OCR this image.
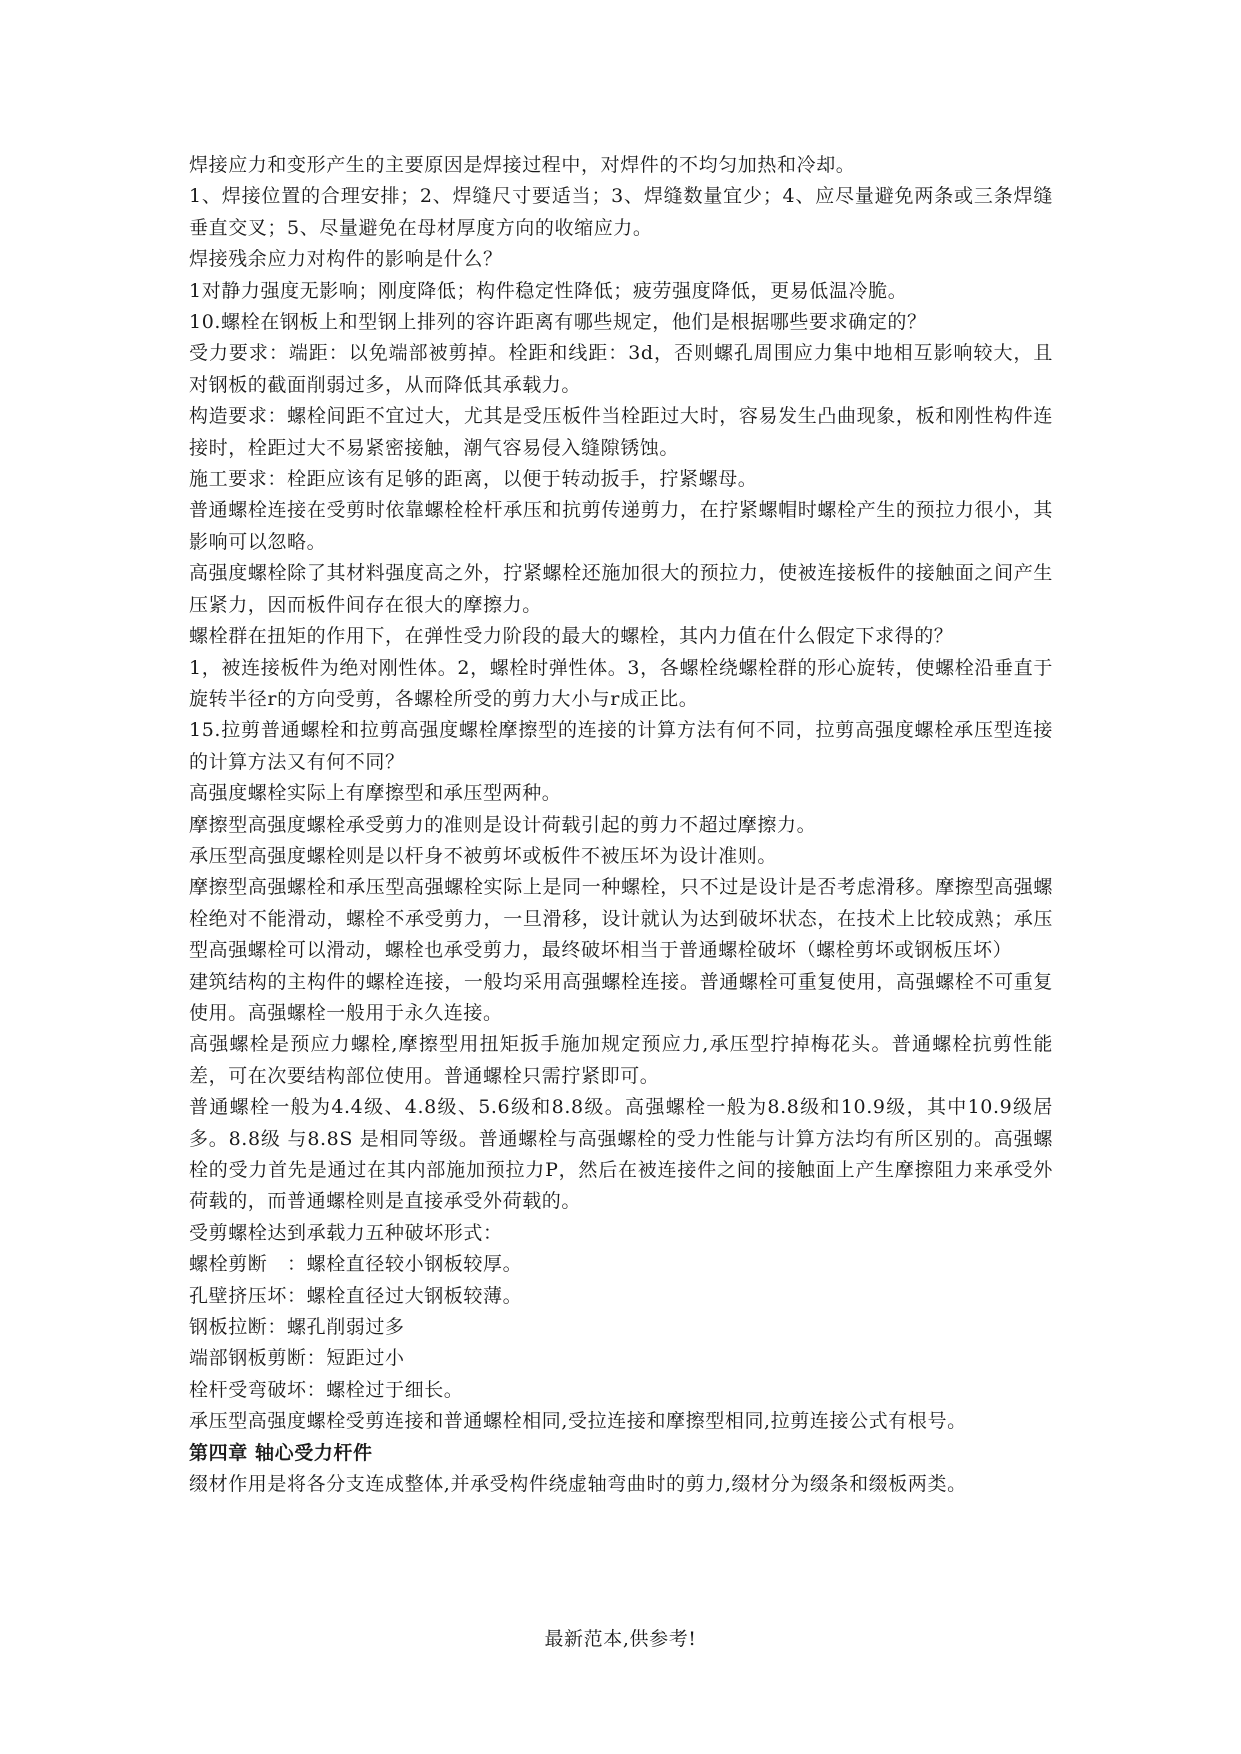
焊接应力和变形产生的主要原因是焊接过程中，对焊件的不均匀加热和冷却。

1、焊接位置的合理安排；2、焊缝尺寸要适当；3、焊缝数量宜少；4、应尽量避免两条或三条焊缝垂直交叉；5、尽量避免在母材厚度方向的收缩应力。

焊接残余应力对构件的影响是什么？

1对静力强度无影响；刚度降低；构件稳定性降低；疲劳强度降低，更易低温冷脆。

10.螺栓在钢板上和型钢上排列的容许距离有哪些规定，他们是根据哪些要求确定的？

受力要求：端距：以免端部被剪掉。栓距和线距：3d，否则螺孔周围应力集中地相互影响较大，且对钢板的截面削弱过多，从而降低其承载力。

构造要求：螺栓间距不宜过大，尤其是受压板件当栓距过大时，容易发生凸曲现象，板和刚性构件连接时，栓距过大不易紧密接触，潮气容易侵入缝隙锈蚀。

施工要求：栓距应该有足够的距离，以便于转动扳手，拧紧螺母。

普通螺栓连接在受剪时依靠螺栓栓杆承压和抗剪传递剪力，在拧紧螺帽时螺栓产生的预拉力很小，其影响可以忽略。

高强度螺栓除了其材料强度高之外，拧紧螺栓还施加很大的预拉力，使被连接板件的接触面之间产生压紧力，因而板件间存在很大的摩擦力。

螺栓群在扭矩的作用下，在弹性受力阶段的最大的螺栓，其内力值在什么假定下求得的？

1，被连接板件为绝对刚性体。2，螺栓时弹性体。3，各螺栓绕螺栓群的形心旋转，使螺栓沿垂直于旋转半径r的方向受剪，各螺栓所受的剪力大小与r成正比。

15.拉剪普通螺栓和拉剪高强度螺栓摩擦型的连接的计算方法有何不同，拉剪高强度螺栓承压型连接的计算方法又有何不同？

高强度螺栓实际上有摩擦型和承压型两种。

摩擦型高强度螺栓承受剪力的准则是设计荷载引起的剪力不超过摩擦力。

承压型高强度螺栓则是以杆身不被剪坏或板件不被压坏为设计准则。

摩擦型高强螺栓和承压型高强螺栓实际上是同一种螺栓，只不过是设计是否考虑滑移。摩擦型高强螺栓绝对不能滑动，螺栓不承受剪力，一旦滑移，设计就认为达到破坏状态，在技术上比较成熟；承压型高强螺栓可以滑动，螺栓也承受剪力，最终破坏相当于普通螺栓破坏（螺栓剪坏或钢板压坏）

建筑结构的主构件的螺栓连接，一般均采用高强螺栓连接。普通螺栓可重复使用，高强螺栓不可重复使用。高强螺栓一般用于永久连接。

高强螺栓是预应力螺栓,摩擦型用扭矩扳手施加规定预应力,承压型拧掉梅花头。普通螺栓抗剪性能差，可在次要结构部位使用。普通螺栓只需拧紧即可。

普通螺栓一般为4.4级、4.8级、5.6级和8.8级。高强螺栓一般为8.8级和10.9级，其中10.9级居多。8.8级 与8.8S 是相同等级。普通螺栓与高强螺栓的受力性能与计算方法均有所区别的。高强螺栓的受力首先是通过在其内部施加预拉力P，然后在被连接件之间的接触面上产生摩擦阻力来承受外荷载的，而普通螺栓则是直接承受外荷载的。

受剪螺栓达到承载力五种破坏形式：

螺栓剪断　：螺栓直径较小钢板较厚。

孔壁挤压坏：螺栓直径过大钢板较薄。

钢板拉断：螺孔削弱过多

端部钢板剪断：短距过小

栓杆受弯破坏：螺栓过于细长。

承压型高强度螺栓受剪连接和普通螺栓相同,受拉连接和摩擦型相同,拉剪连接公式有根号。

第四章 轴心受力杆件

缀材作用是将各分支连成整体,并承受构件绕虚轴弯曲时的剪力,缀材分为缀条和缀板两类。

最新范本,供参考!
